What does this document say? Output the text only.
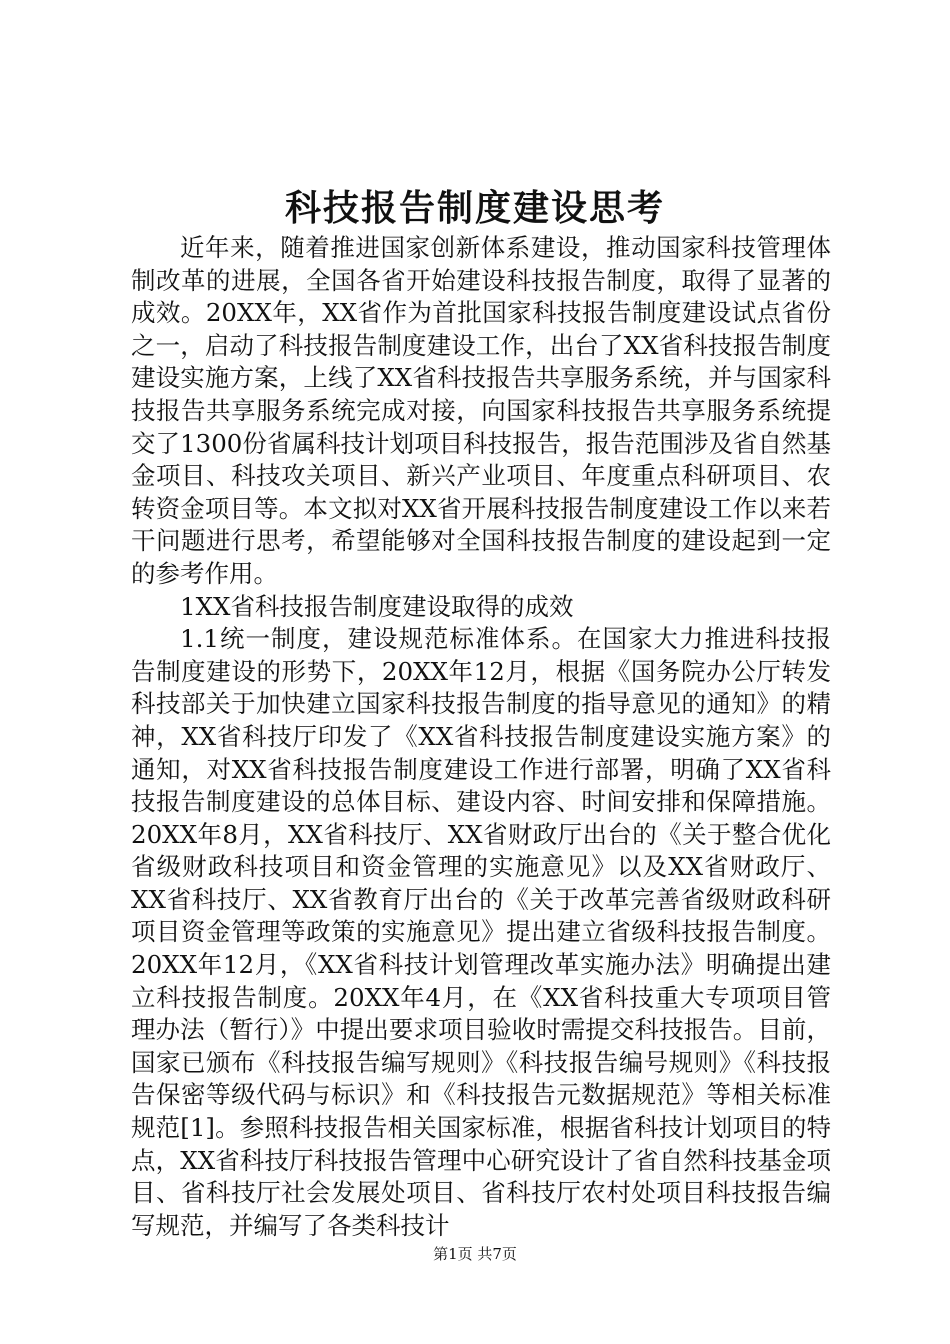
科技报告制度建设思考

近年来，随着推进国家创新体系建设，推动国家科技管理体制改革的进展，全国各省开始建设科技报告制度，取得了显著的成效。20XX年，XX省作为首批国家科技报告制度建设试点省份之一，启动了科技报告制度建设工作，出台了XX省科技报告制度建设实施方案，上线了XX省科技报告共享服务系统，并与国家科技报告共享服务系统完成对接，向国家科技报告共享服务系统提交了1300份省属科技计划项目科技报告，报告范围涉及省自然基金项目、科技攻关项目、新兴产业项目、年度重点科研项目、农转资金项目等。本文拟对XX省开展科技报告制度建设工作以来若干问题进行思考，希望能够对全国科技报告制度的建设起到一定的参考作用。

1XX省科技报告制度建设取得的成效

1.1统一制度，建设规范标准体系。在国家大力推进科技报告制度建设的形势下，20XX年12月，根据《国务院办公厅转发科技部关于加快建立国家科技报告制度的指导意见的通知》的精神，XX省科技厅印发了《XX省科技报告制度建设实施方案》的通知，对XX省科技报告制度建设工作进行部署，明确了XX省科技报告制度建设的总体目标、建设内容、时间安排和保障措施。20XX年8月，XX省科技厅、XX省财政厅出台的《关于整合优化省级财政科技项目和资金管理的实施意见》以及XX省财政厅、XX省科技厅、XX省教育厅出台的《关于改革完善省级财政科研项目资金管理等政策的实施意见》提出建立省级科技报告制度。20XX年12月，《XX省科技计划管理改革实施办法》明确提出建立科技报告制度。20XX年4月，在《XX省科技重大专项项目管理办法（暂行）》中提出要求项目验收时需提交科技报告。目前，国家已颁布《科技报告编写规则》《科技报告编号规则》《科技报告保密等级代码与标识》和《科技报告元数据规范》等相关标准规范[1]。参照科技报告相关国家标准，根据省科技计划项目的特点，XX省科技厅科技报告管理中心研究设计了省自然科技基金项目、省科技厅社会发展处项目、省科技厅农村处项目科技报告编写规范，并编写了各类科技计

第1页 共7页
